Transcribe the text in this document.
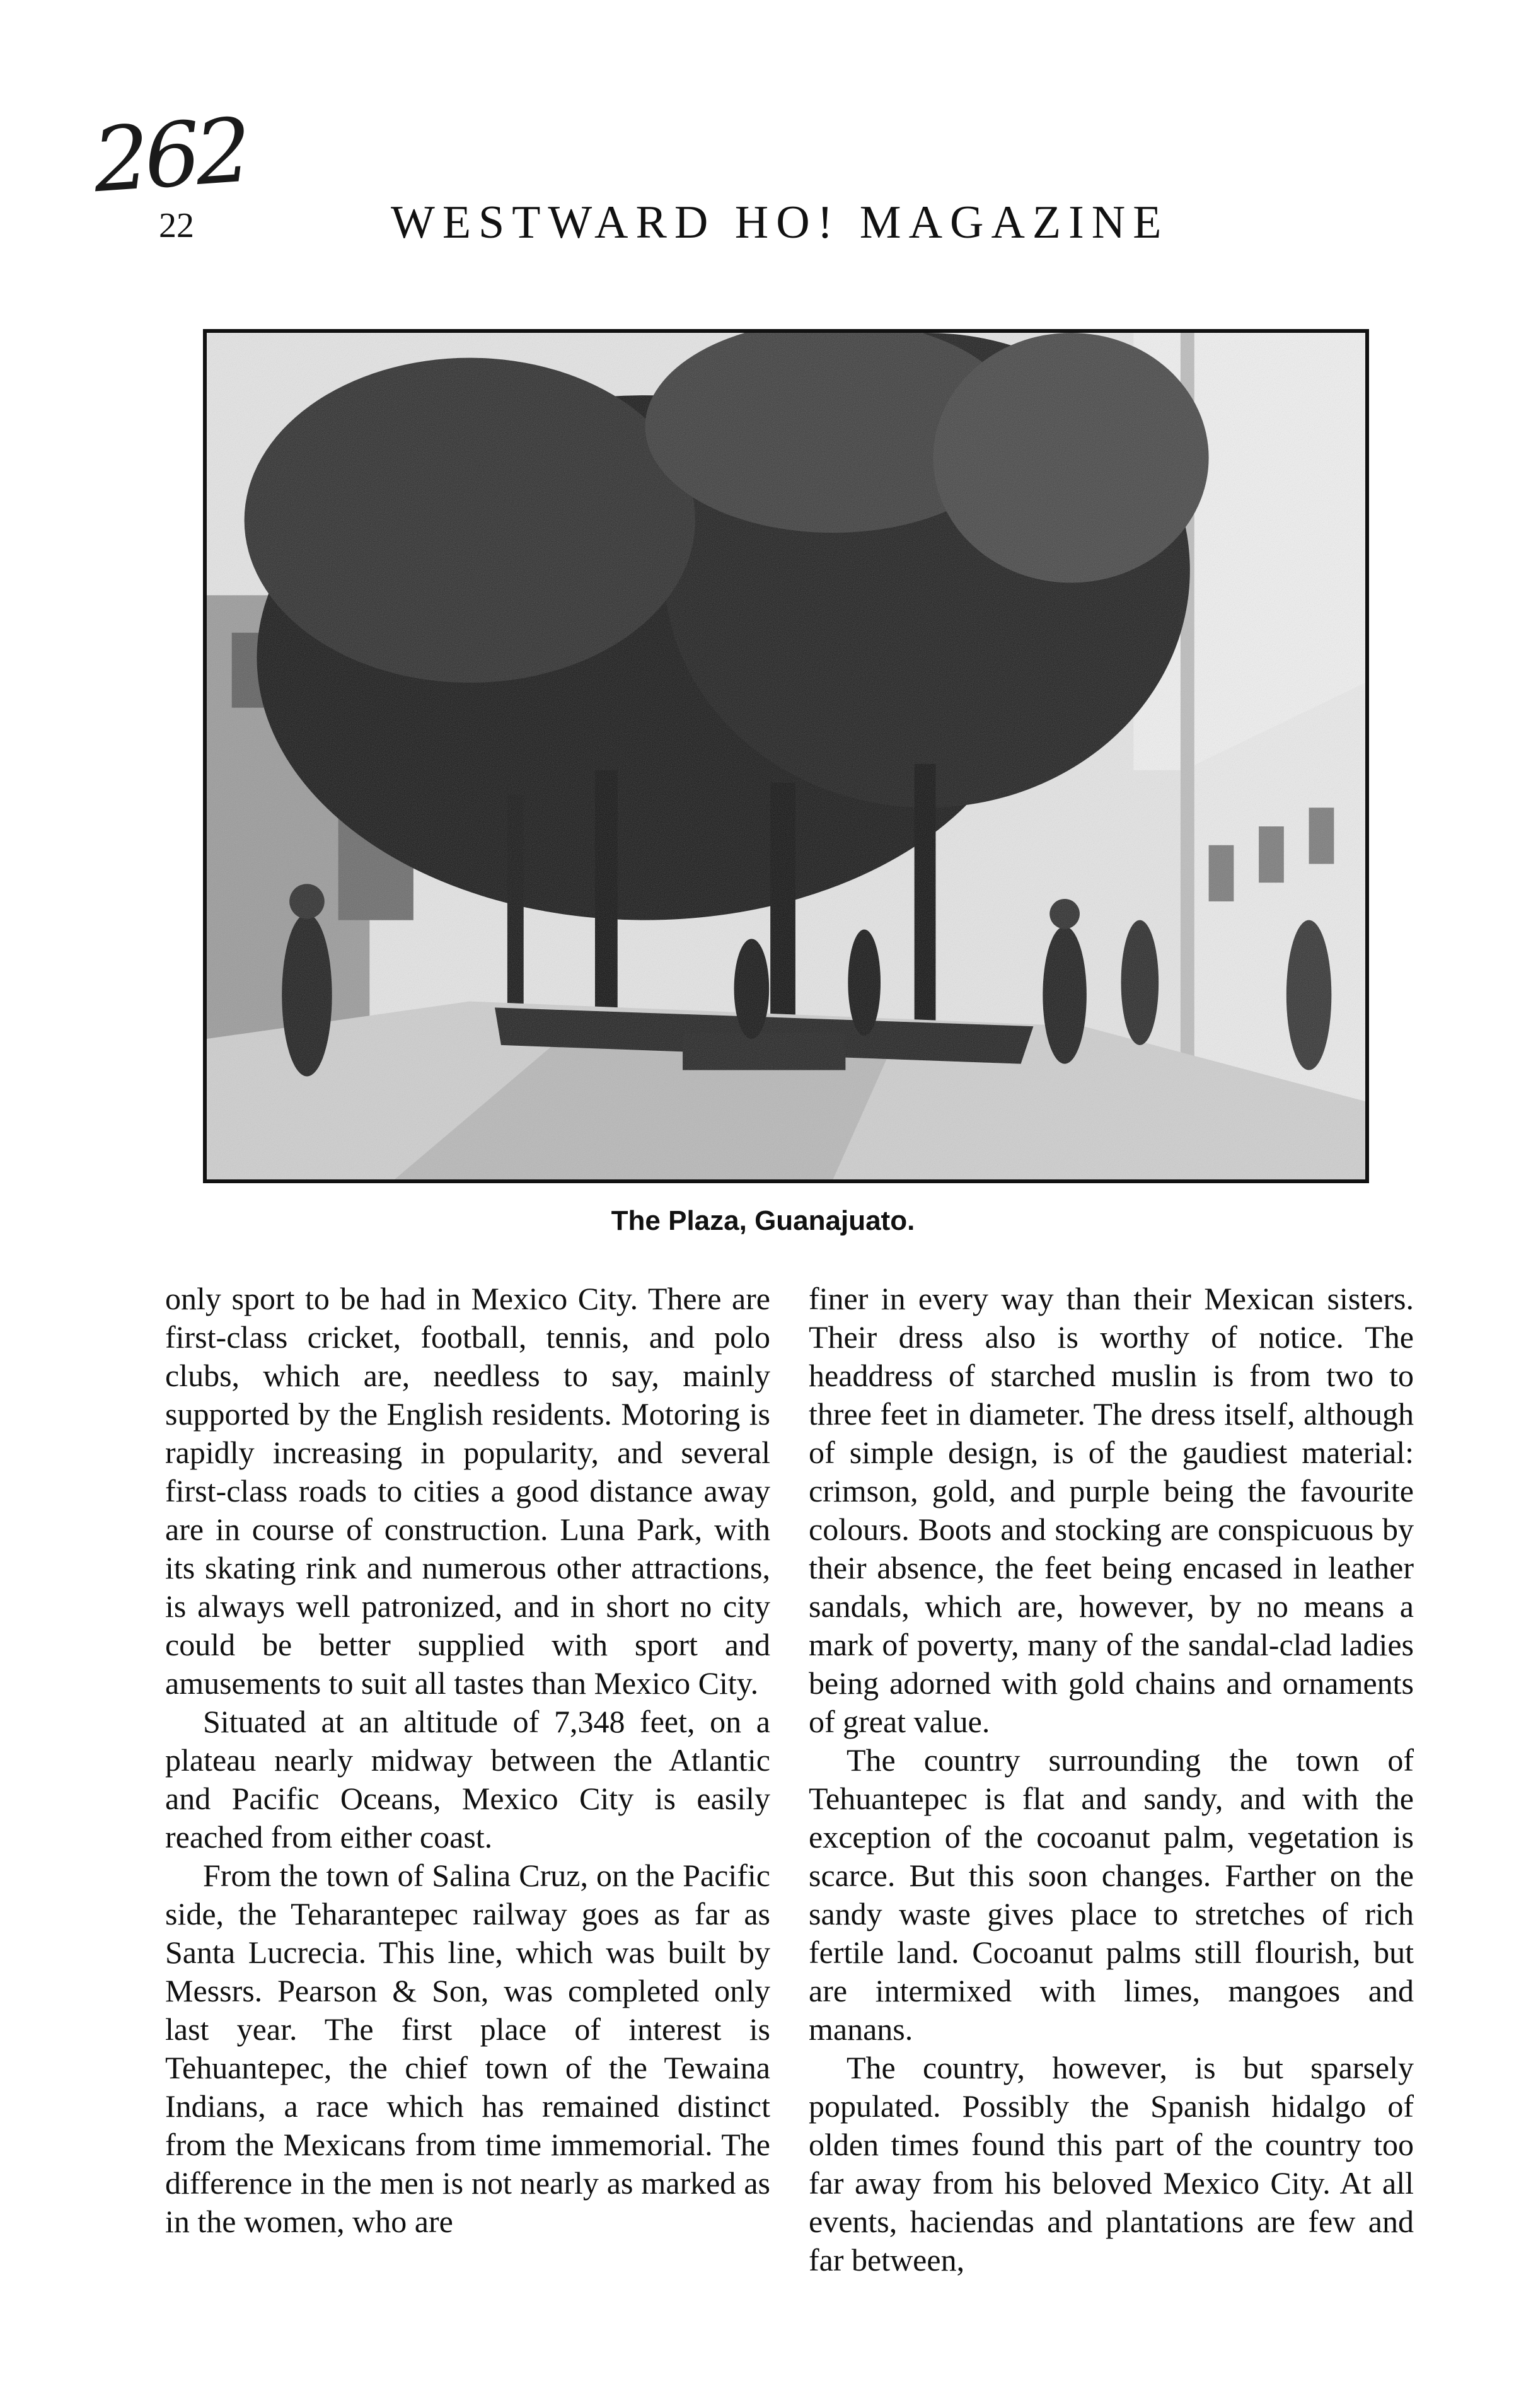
262
22	WESTWARD HO! MAGAZINE
The Plaza, Guanajuato.

only sport to be had in Mexico City. There are first-class cricket, football, tennis, and polo clubs, which are, needless to say, mainly supported by the English residents. Motoring is rapidly increasing in popularity, and several first-class roads to cities a good distance away are in course of construction. Luna Park, with its skating rink and numerous other attractions, is always well patronized, and in short no city could be better supplied with sport and amusements to suit all tastes than Mexico City.

Situated at an altitude of 7,348 feet, on a plateau nearly midway between the Atlantic and Pacific Oceans, Mexico City is easily reached from either coast.

From the town of Salina Cruz, on the Pacific side, the Teharantepec railway goes as far as Santa Lucrecia. This line, which was built by Messrs. Pearson & Son, was completed only last year. The first place of interest is Tehuantepec, the chief town of the Tewaina Indians, a race which has remained distinct from the Mexicans from time immemorial. The difference in the men is not nearly as marked as in the women, who are

finer in every way than their Mexican sisters. Their dress also is worthy of notice. The headdress of starched muslin is from two to three feet in diameter. The dress itself, although of simple design, is of the gaudiest material: crimson, gold, and purple being the favourite colours. Boots and stocking are conspicuous by their absence, the feet being encased in leather sandals, which are, however, by no means a mark of poverty, many of the sandal-clad ladies being adorned with gold chains and ornaments of great value.

The country surrounding the town of Tehuantepec is flat and sandy, and with the exception of the cocoanut palm, vegetation is scarce. But this soon changes. Farther on the sandy waste gives place to stretches of rich fertile land. Cocoanut palms still flourish, but are intermixed with limes, mangoes and manans.

The country, however, is but sparsely populated. Possibly the Spanish hidalgo of olden times found this part of the country too far away from his beloved Mexico City. At all events, haciendas and plantations are few and far between,
